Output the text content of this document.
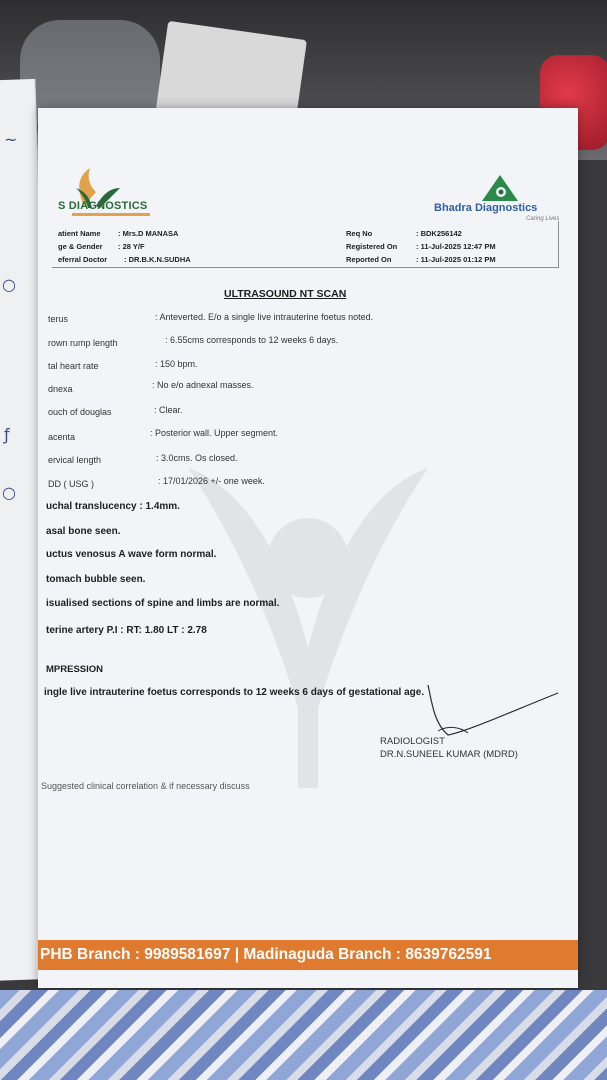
~
○
ƒ
○
S DIAGNOSTICS	Bhadra Diagnostics
Caring Lives
atient Name : Mrs.D MANASA
ge & Gender : 28 Y/F
eferral Doctor : DR.B.K.N.SUDHA
Req No	: BDK256142
Registered On : 11-Jul-2025 12:47 PM
Reported On	: 11-Jul-2025 01:12 PM
ULTRASOUND NT SCAN
terus	: Anteverted. E/o a single live intrauterine foetus noted.
rown rump length	: 6.55cms corresponds to 12 weeks 6 days.
tal heart rate	: 150 bpm.
dnexa	: No e/o adnexal masses.
ouch of douglas	: Clear.
acenta	: Posterior wall. Upper segment.
ervical length	: 3.0cms. Os closed.
DD ( USG )	: 17/01/2026 +/- one week.
uchal translucency : 1.4mm.
asal bone seen.
uctus venosus A wave form normal.
tomach bubble seen.
isualised sections of spine and limbs are normal.
terine artery P.I : RT: 1.80 LT : 2.78
MPRESSION
ingle live intrauterine foetus corresponds to 12 weeks 6 days of gestational age.
RADIOLOGIST
DR.N.SUNEEL KUMAR (MDRD)
Suggested clinical correlation & if necessary discuss
PHB Branch : 9989581697 | Madinaguda Branch : 8639762591
